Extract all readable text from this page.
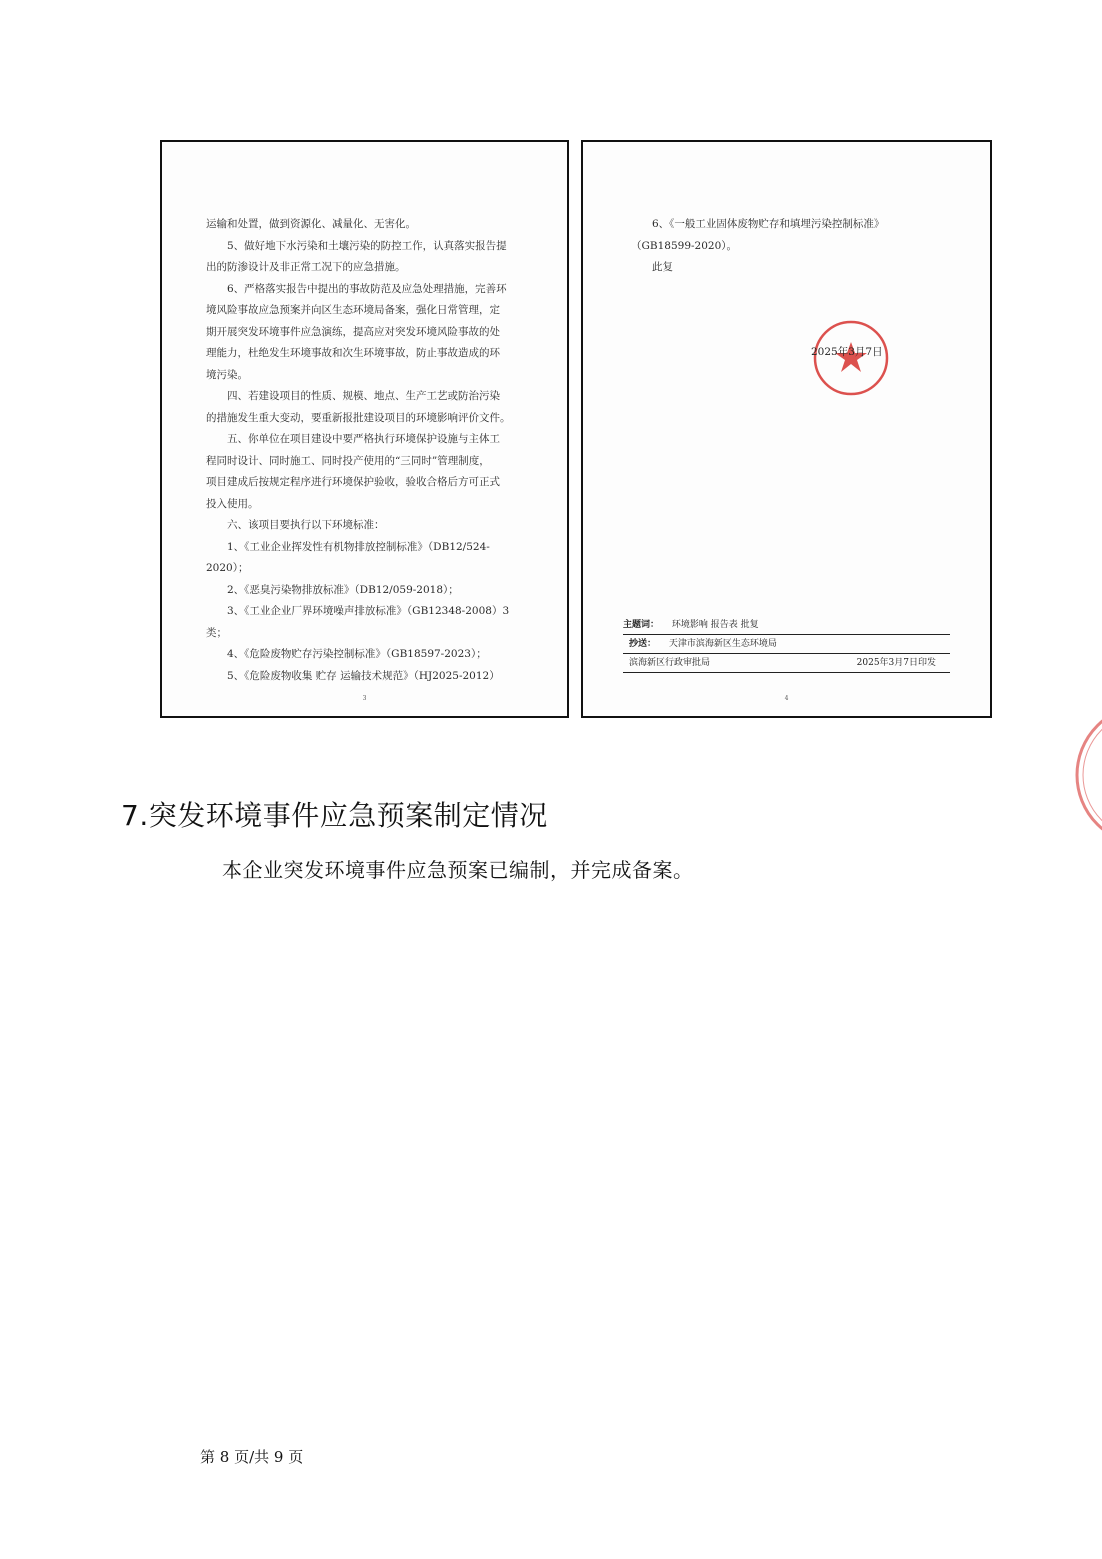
运输和处置，做到资源化、减量化、无害化。

5、做好地下水污染和土壤污染的防控工作，认真落实报告提

出的防渗设计及非正常工况下的应急措施。

6、严格落实报告中提出的事故防范及应急处理措施，完善环

境风险事故应急预案并向区生态环境局备案，强化日常管理，定

期开展突发环境事件应急演练，提高应对突发环境风险事故的处

理能力，杜绝发生环境事故和次生环境事故，防止事故造成的环

境污染。

四、若建设项目的性质、规模、地点、生产工艺或防治污染

的措施发生重大变动，要重新报批建设项目的环境影响评价文件。

五、你单位在项目建设中要严格执行环境保护设施与主体工

程同时设计、同时施工、同时投产使用的“三同时”管理制度，

项目建成后按规定程序进行环境保护验收，验收合格后方可正式

投入使用。

六、该项目要执行以下环境标准：

1、《工业企业挥发性有机物排放控制标准》（DB12/524-2020）；

2、《恶臭污染物排放标准》（DB12/059-2018）；

3、《工业企业厂界环境噪声排放标准》（GB12348-2008）3

类；

4、《危险废物贮存污染控制标准》（GB18597-2023）；

5、《危险废物收集 贮存 运输技术规范》（HJ2025-2012）

3

6、《一般工业固体废物贮存和填埋污染控制标准》

（GB18599-2020）。

此复

2025年3月7日
主题词： 环境影响 报告表 批复
抄送： 天津市滨海新区生态环境局
滨海新区行政审批局	2025年3月7日印发
4
7.突发环境事件应急预案制定情况

本企业突发环境事件应急预案已编制，并完成备案。

第 8 页/共 9 页
